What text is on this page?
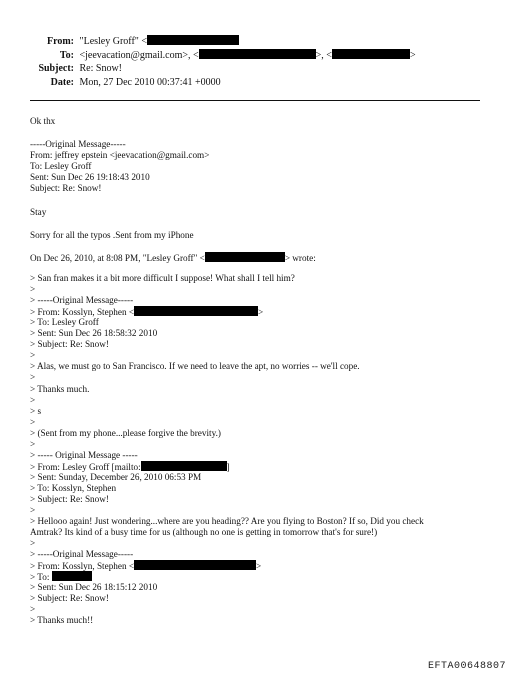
From: "Lesley Groff" <
To: <jeevacation@gmail.com>, <	>, <	>
Subject: Re: Snow!
Date: Mon, 27 Dec 2010 00:37:41 +0000
Ok thx
-----Original Message-----
From: jeffrey epstein <jeevacation@gmail.com>
To: Lesley Groff
Sent: Sun Dec 26 19:18:43 2010
Subject: Re: Snow!
Stay
Sorry for all the typos .Sent from my iPhone
On Dec 26, 2010, at 8:08 PM, "Lesley Groff" <	> wrote:
> San fran makes it a bit more difficult I suppose! What shall I tell him?
>
> -----Original Message-----
> From: Kosslyn, Stephen <	>
> To: Lesley Groff
> Sent: Sun Dec 26 18:58:32 2010
> Subject: Re: Snow!
>
> Alas, we must go to San Francisco. If we need to leave the apt, no worries -- we'll cope.
>
> Thanks much.
>
> s
>
> (Sent from my phone...please forgive the brevity.)
>
> ----- Original Message -----
> From: Lesley Groff [mailto:	]
> Sent: Sunday, December 26, 2010 06:53 PM
> To: Kosslyn, Stephen
> Subject: Re: Snow!
>
> Hellooo again! Just wondering...where are you heading?? Are you flying to Boston? If so, Did you check
Amtrak? Its kind of a busy time for us (although no one is getting in tomorrow that's for sure!)
>
> -----Original Message-----
> From: Kosslyn, Stephen <	>
> To:
> Sent: Sun Dec 26 18:15:12 2010
> Subject: Re: Snow!
>
> Thanks much!!
EFTA00648807
